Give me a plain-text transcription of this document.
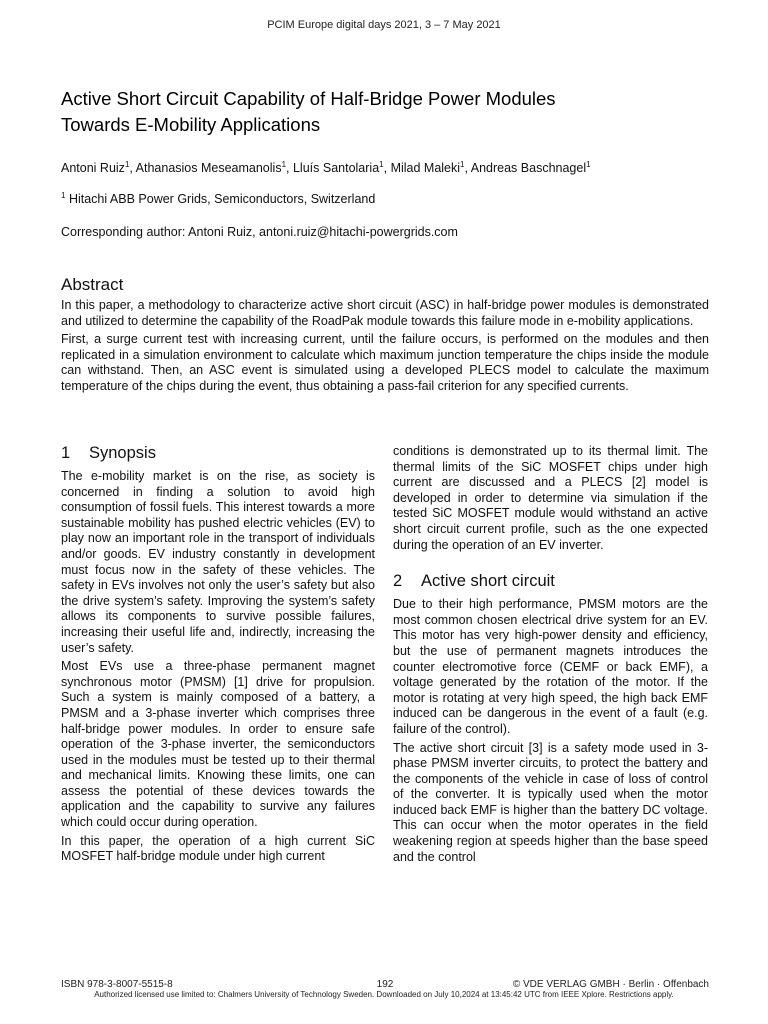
PCIM Europe digital days 2021, 3 – 7 May 2021
Active Short Circuit Capability of Half-Bridge Power Modules
Towards E-Mobility Applications
Antoni Ruiz$^1$, Athanasios Meseamanolis$^1$, Lluís Santolaria$^1$, Milad Maleki$^1$, Andreas Baschnagel$^1$
$^1$ Hitachi ABB Power Grids, Semiconductors, Switzerland
Corresponding author: Antoni Ruiz, antoni.ruiz@hitachi-powergrids.com
Abstract

In this paper, a methodology to characterize active short circuit (ASC) in half-bridge power modules is demonstrated and utilized to determine the capability of the RoadPak module towards this failure mode in e-mobility applications.

First, a surge current test with increasing current, until the failure occurs, is performed on the modules and then replicated in a simulation environment to calculate which maximum junction temperature the chips inside the module can withstand. Then, an ASC event is simulated using a developed PLECS model to calculate the maximum temperature of the chips during the event, thus obtaining a pass-fail criterion for any specified currents.

1 Synopsis

The e-mobility market is on the rise, as society is concerned in finding a solution to avoid high consumption of fossil fuels. This interest towards a more sustainable mobility has pushed electric vehicles (EV) to play now an important role in the transport of individuals and/or goods. EV industry constantly in development must focus now in the safety of these vehicles. The safety in EVs involves not only the user’s safety but also the drive system’s safety. Improving the system’s safety allows its components to survive possible failures, increasing their useful life and, indirectly, increasing the user’s safety.

Most EVs use a three-phase permanent magnet synchronous motor (PMSM) [1] drive for propulsion. Such a system is mainly composed of a battery, a PMSM and a 3-phase inverter which comprises three half-bridge power modules. In order to ensure safe operation of the 3-phase inverter, the semiconductors used in the modules must be tested up to their thermal and mechanical limits. Knowing these limits, one can assess the potential of these devices towards the application and the capability to survive any failures which could occur during operation.

In this paper, the operation of a high current SiC MOSFET half-bridge module under high current

conditions is demonstrated up to its thermal limit. The thermal limits of the SiC MOSFET chips under high current are discussed and a PLECS [2] model is developed in order to determine via simulation if the tested SiC MOSFET module would withstand an active short circuit current profile, such as the one expected during the operation of an EV inverter.

2 Active short circuit

Due to their high performance, PMSM motors are the most common chosen electrical drive system for an EV. This motor has very high-power density and efficiency, but the use of permanent magnets introduces the counter electromotive force (CEMF or back EMF), a voltage generated by the rotation of the motor. If the motor is rotating at very high speed, the high back EMF induced can be dangerous in the event of a fault (e.g. failure of the control).

The active short circuit [3] is a safety mode used in 3-phase PMSM inverter circuits, to protect the battery and the components of the vehicle in case of loss of control of the converter. It is typically used when the motor induced back EMF is higher than the battery DC voltage. This can occur when the motor operates in the field weakening region at speeds higher than the base speed and the control

ISBN 978-3-8007-5515-8	192	© VDE VERLAG GMBH · Berlin · Offenbach
Authorized licensed use limited to: Chalmers University of Technology Sweden. Downloaded on July 10,2024 at 13:45:42 UTC from IEEE Xplore. Restrictions apply.
